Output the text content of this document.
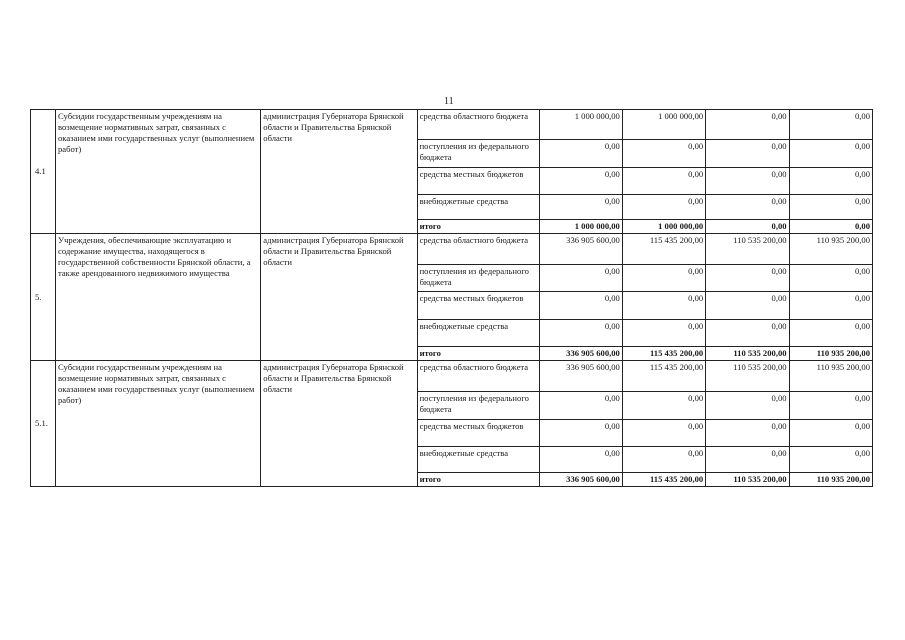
11
4.1	Субсидии государственным учреждениям на возмещение нормативных затрат, связанных с оказанием ими государственных услуг (выполнением работ)	администрация Губернатора Брянской области и Правительства Брянской области	средства областного бюджета	1 000 000,00	1 000 000,00	0,00	0,00
			поступления из федерального бюджета	0,00	0,00	0,00	0,00
			средства местных бюджетов	0,00	0,00	0,00	0,00
			внебюджетные средства	0,00	0,00	0,00	0,00
			итого	1 000 000,00	1 000 000,00	0,00	0,00
5.	Учреждения, обеспечивающие эксплуатацию и содержание имущества, находящегося в государственной собственности Брянской области, а также арендованного недвижимого имущества	администрация Губернатора Брянской области и Правительства Брянской области	средства областного бюджета	336 905 600,00	115 435 200,00	110 535 200,00	110 935 200,00
			поступления из федерального бюджета	0,00	0,00	0,00	0,00
			средства местных бюджетов	0,00	0,00	0,00	0,00
			внебюджетные средства	0,00	0,00	0,00	0,00
			итого	336 905 600,00	115 435 200,00	110 535 200,00	110 935 200,00
5.1.	Субсидии государственным учреждениям на возмещение нормативных затрат, связанных с оказанием ими государственных услуг (выполнением работ)	администрация Губернатора Брянской области и Правительства Брянской области	средства областного бюджета	336 905 600,00	115 435 200,00	110 535 200,00	110 935 200,00
			поступления из федерального бюджета	0,00	0,00	0,00	0,00
			средства местных бюджетов	0,00	0,00	0,00	0,00
			внебюджетные средства	0,00	0,00	0,00	0,00
			итого	336 905 600,00	115 435 200,00	110 535 200,00	110 935 200,00
